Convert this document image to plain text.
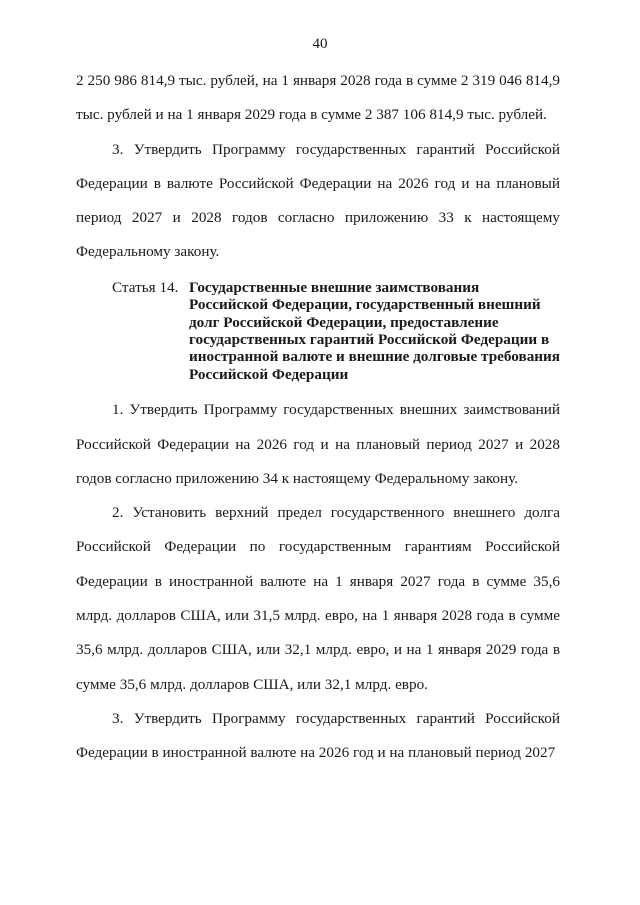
40

2 250 986 814,9 тыс. рублей, на 1 января 2028 года в сумме 2 319 046 814,9 тыс. рублей и на 1 января 2029 года в сумме 2 387 106 814,9 тыс. рублей.

3. Утвердить Программу государственных гарантий Российской Федерации в валюте Российской Федерации на 2026 год и на плановый период 2027 и 2028 годов согласно приложению 33 к настоящему Федеральному закону.

Статья 14. Государственные внешние заимствования Российской Федерации, государственный внешний долг Российской Федерации, предоставление государственных гарантий Российской Федерации в иностранной валюте и внешние долговые требования Российской Федерации

1. Утвердить Программу государственных внешних заимствований Российской Федерации на 2026 год и на плановый период 2027 и 2028 годов согласно приложению 34 к настоящему Федеральному закону.

2. Установить верхний предел государственного внешнего долга Российской Федерации по государственным гарантиям Российской Федерации в иностранной валюте на 1 января 2027 года в сумме 35,6 млрд. долларов США, или 31,5 млрд. евро, на 1 января 2028 года в сумме 35,6 млрд. долларов США, или 32,1 млрд. евро, и на 1 января 2029 года в сумме 35,6 млрд. долларов США, или 32,1 млрд. евро.

3. Утвердить Программу государственных гарантий Российской Федерации в иностранной валюте на 2026 год и на плановый период 2027
